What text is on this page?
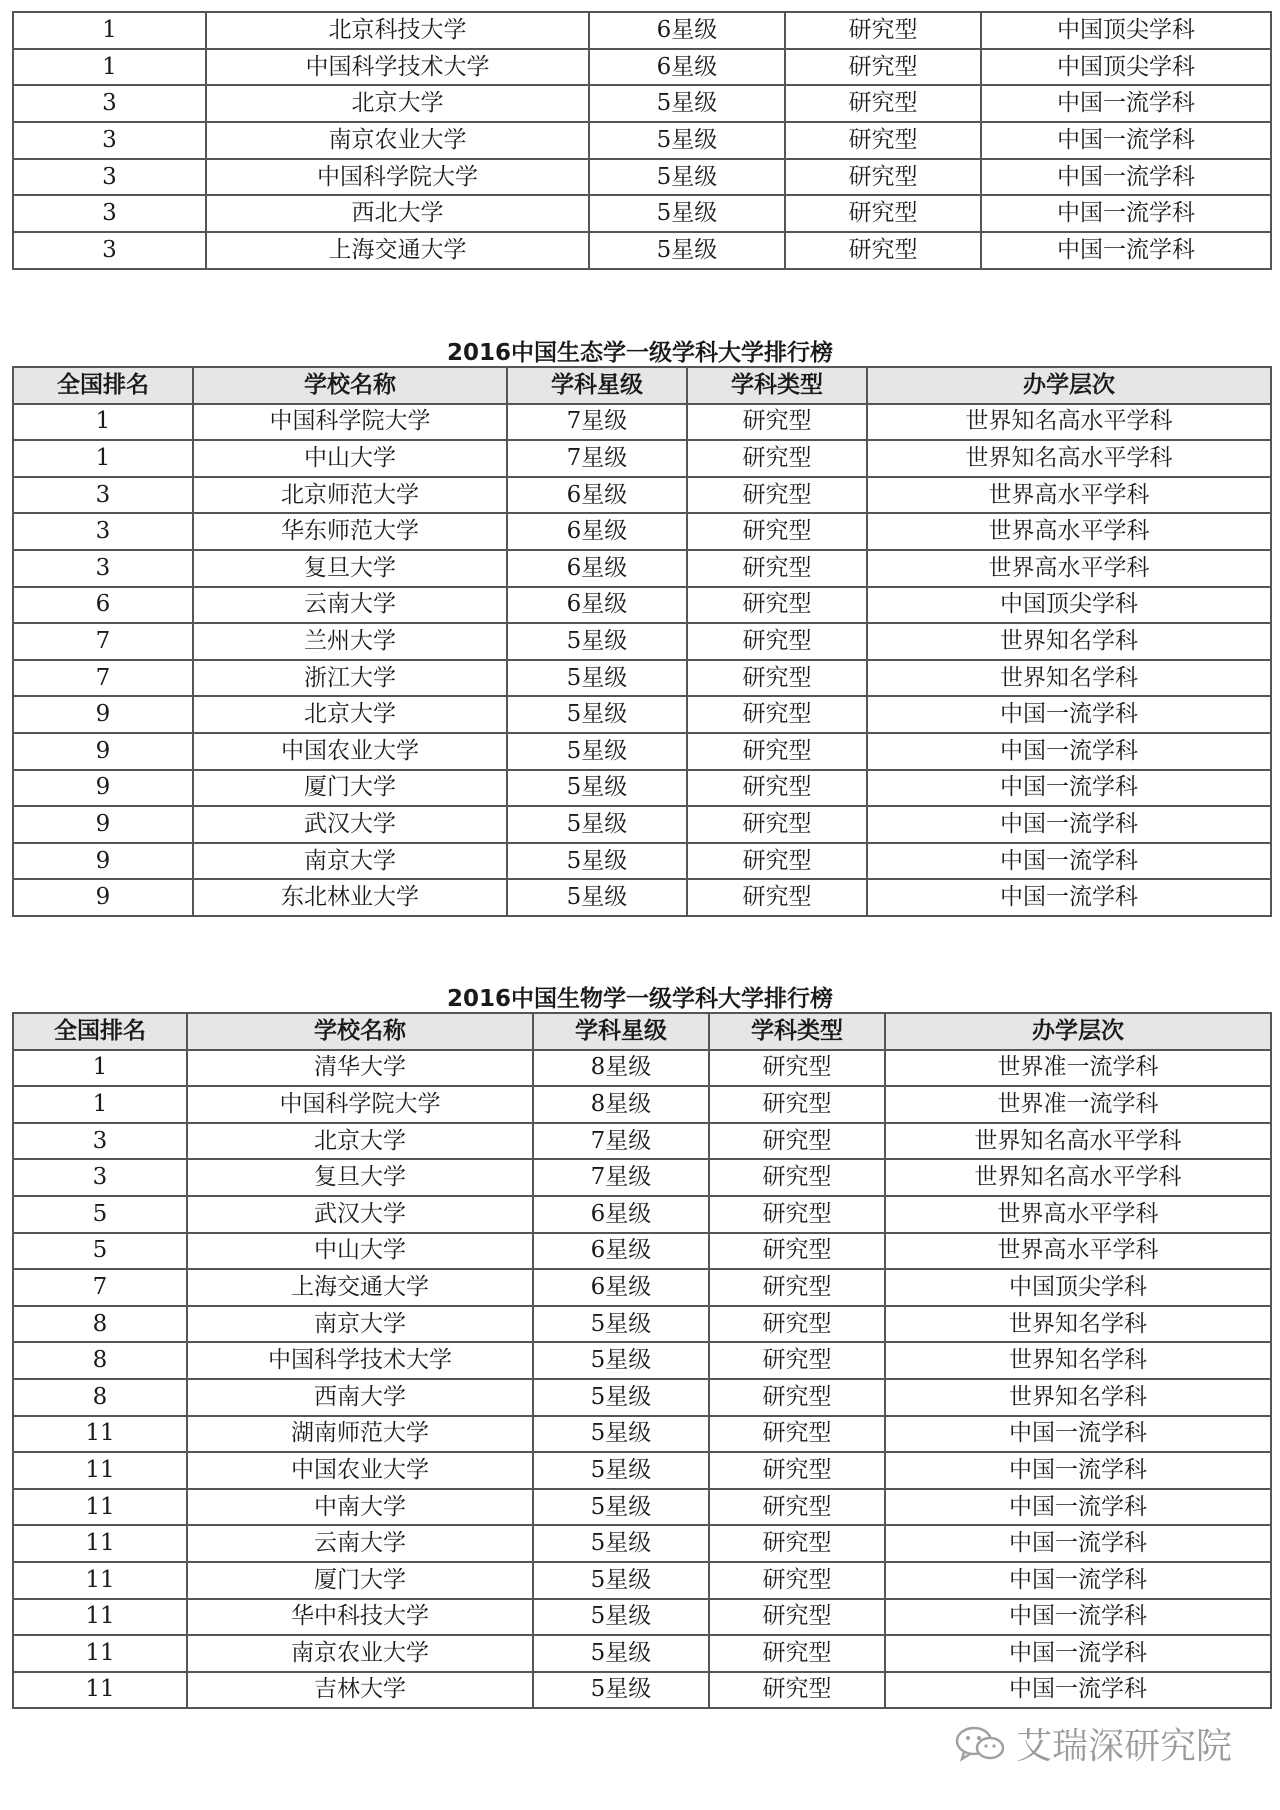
1	北京科技大学	6星级	研究型	中国顶尖学科
1	中国科学技术大学	6星级	研究型	中国顶尖学科
3	北京大学	5星级	研究型	中国一流学科
3	南京农业大学	5星级	研究型	中国一流学科
3	中国科学院大学	5星级	研究型	中国一流学科
3	西北大学	5星级	研究型	中国一流学科
3	上海交通大学	5星级	研究型	中国一流学科
2016中国生态学一级学科大学排行榜
全国排名	学校名称	学科星级	学科类型	办学层次
1	中国科学院大学	7星级	研究型	世界知名高水平学科
1	中山大学	7星级	研究型	世界知名高水平学科
3	北京师范大学	6星级	研究型	世界高水平学科
3	华东师范大学	6星级	研究型	世界高水平学科
3	复旦大学	6星级	研究型	世界高水平学科
6	云南大学	6星级	研究型	中国顶尖学科
7	兰州大学	5星级	研究型	世界知名学科
7	浙江大学	5星级	研究型	世界知名学科
9	北京大学	5星级	研究型	中国一流学科
9	中国农业大学	5星级	研究型	中国一流学科
9	厦门大学	5星级	研究型	中国一流学科
9	武汉大学	5星级	研究型	中国一流学科
9	南京大学	5星级	研究型	中国一流学科
9	东北林业大学	5星级	研究型	中国一流学科
2016中国生物学一级学科大学排行榜
全国排名	学校名称	学科星级	学科类型	办学层次
1	清华大学	8星级	研究型	世界准一流学科
1	中国科学院大学	8星级	研究型	世界准一流学科
3	北京大学	7星级	研究型	世界知名高水平学科
3	复旦大学	7星级	研究型	世界知名高水平学科
5	武汉大学	6星级	研究型	世界高水平学科
5	中山大学	6星级	研究型	世界高水平学科
7	上海交通大学	6星级	研究型	中国顶尖学科
8	南京大学	5星级	研究型	世界知名学科
8	中国科学技术大学	5星级	研究型	世界知名学科
8	西南大学	5星级	研究型	世界知名学科
11	湖南师范大学	5星级	研究型	中国一流学科
11	中国农业大学	5星级	研究型	中国一流学科
11	中南大学	5星级	研究型	中国一流学科
11	云南大学	5星级	研究型	中国一流学科
11	厦门大学	5星级	研究型	中国一流学科
11	华中科技大学	5星级	研究型	中国一流学科
11	南京农业大学	5星级	研究型	中国一流学科
11	吉林大学	5星级	研究型	中国一流学科
艾瑞深研究院
